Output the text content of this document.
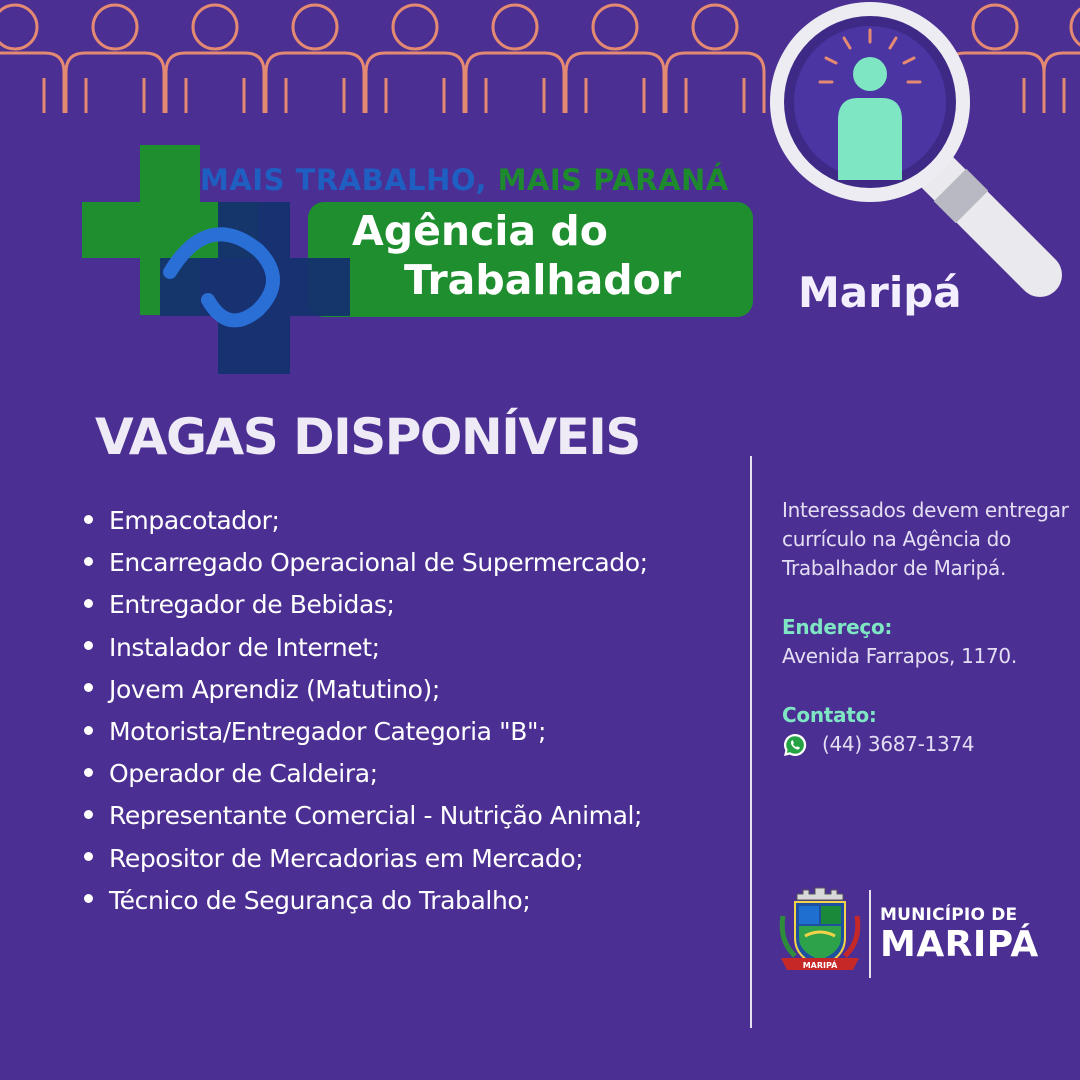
MAIS TRABALHO, MAIS PARANÁ
Agência do
Trabalhador	Maripá
VAGAS DISPONÍVEIS
Empacotador;
Encarregado Operacional de Supermercado;
Entregador de Bebidas;
Instalador de Internet;
Jovem Aprendiz (Matutino);
Motorista/Entregador Categoria "B";
Operador de Caldeira;
Representante Comercial - Nutrição Animal;
Repositor de Mercadorias em Mercado;
Técnico de Segurança do Trabalho;

Interessados devem entregar currículo na Agência do Trabalhador de Maripá.

Endereço:

Avenida Farrapos, 1170.

Contato:

(44) 3687-1374

MARIPÁ
MUNICÍPIO DE
MARIPÁ
